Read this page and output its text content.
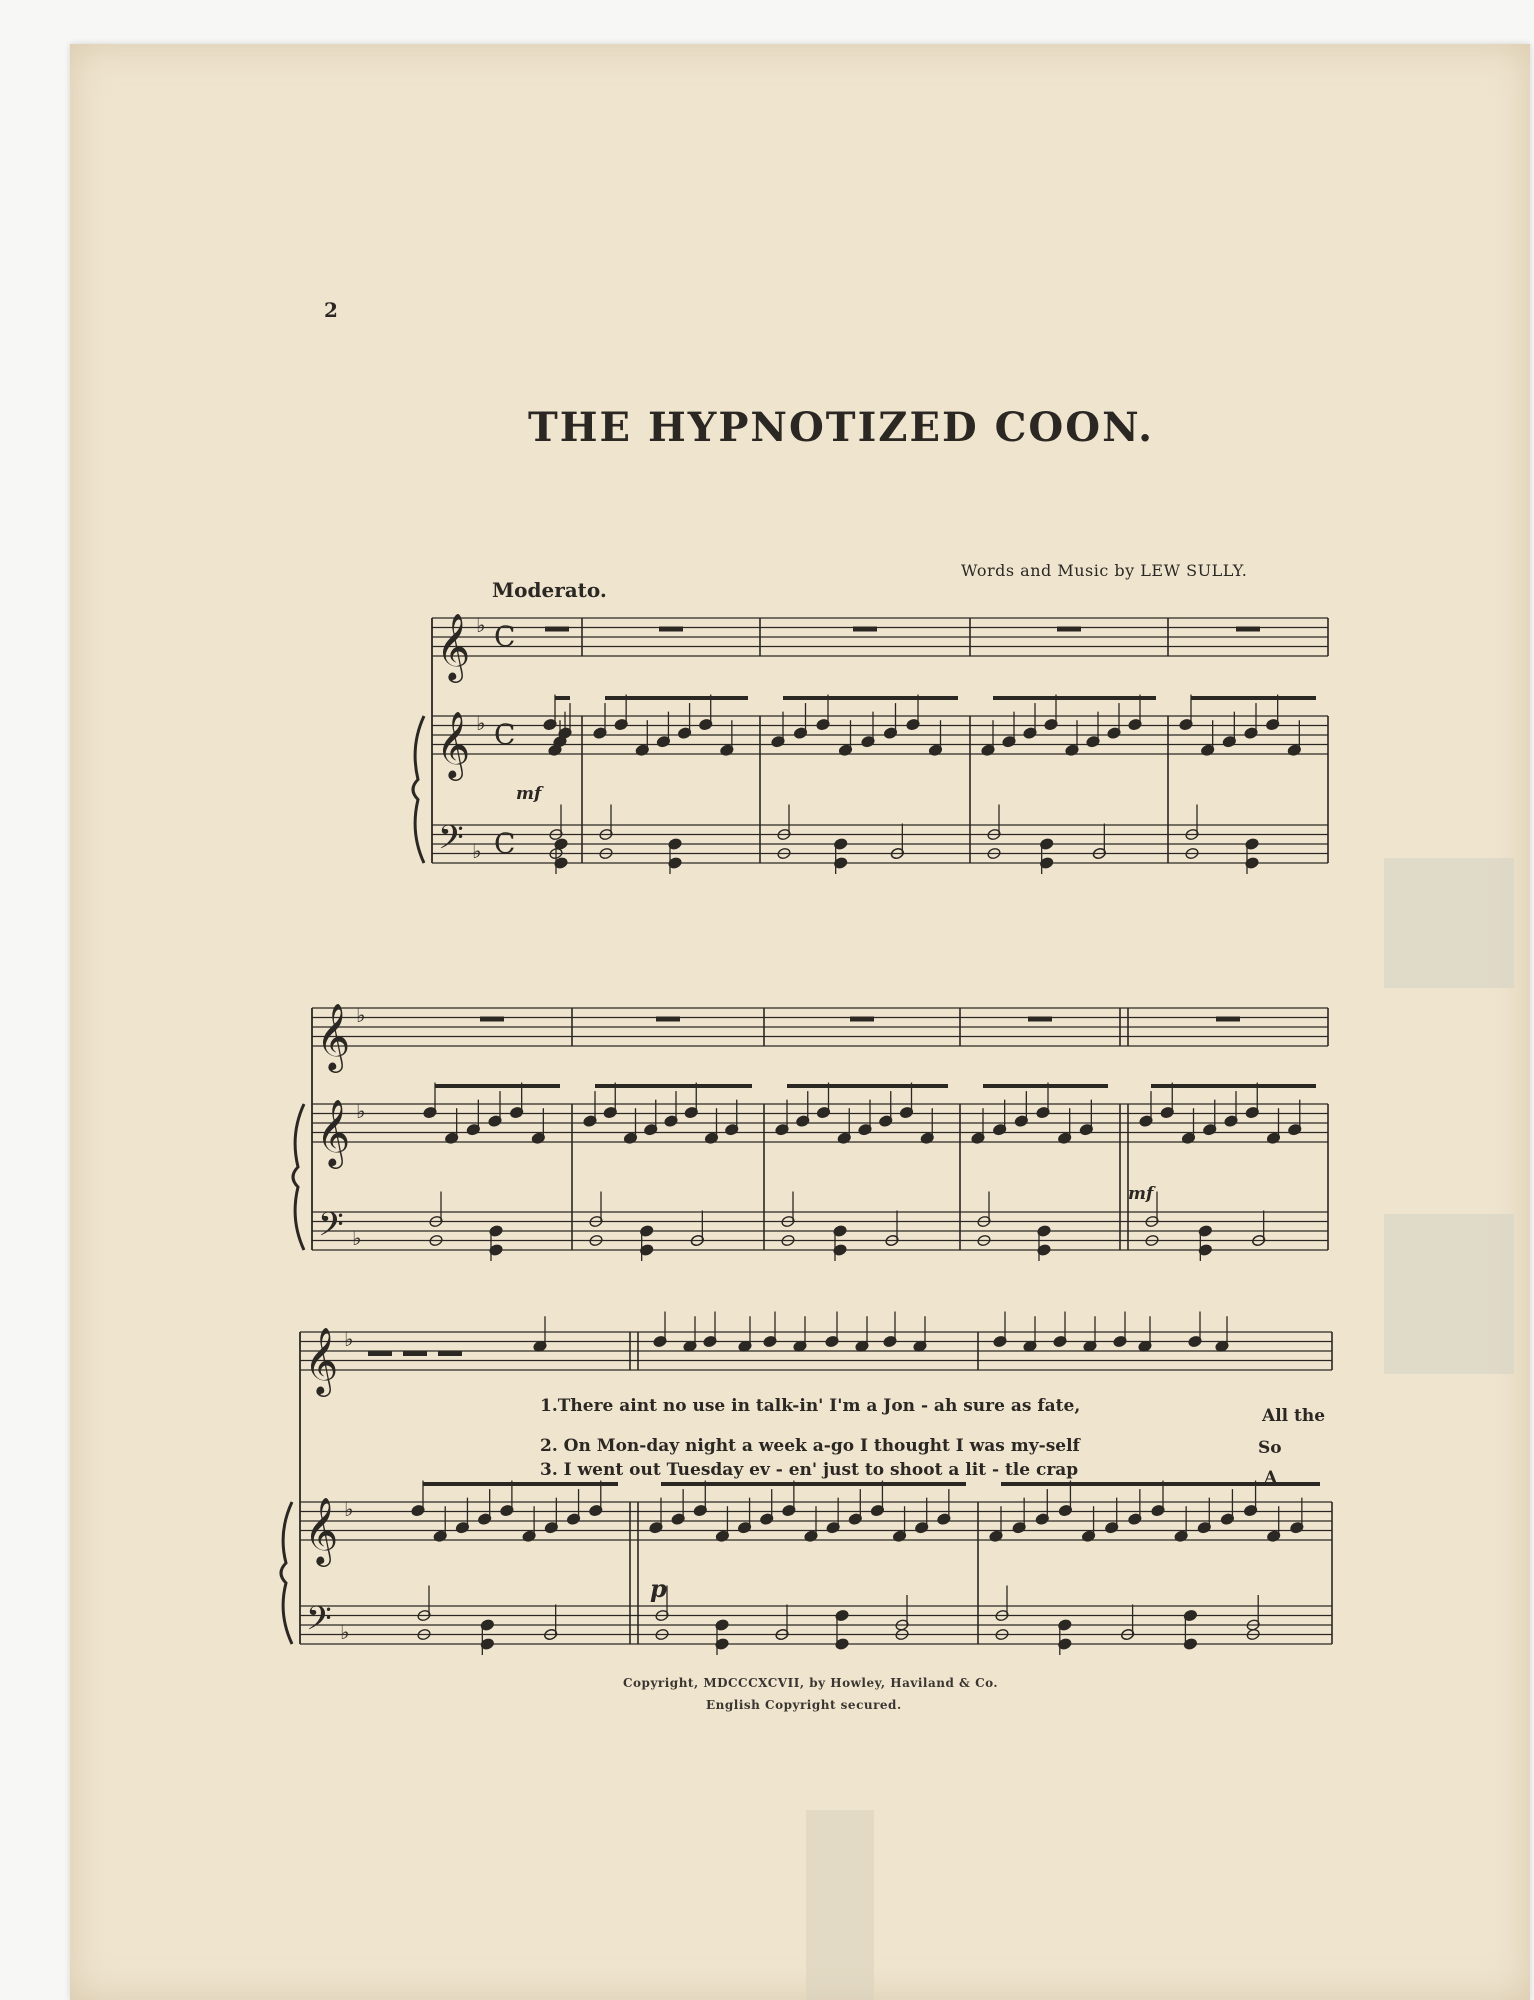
2
THE HYPNOTIZED COON.
Words and Music by LEW SULLY.
Moderato.
mf
mf
p
1.There aint no use in talk-in' I'm a Jon - ah sure as fate,	All the
2. On Mon-day night a week a-go I thought I was my-self	So
3. I went out Tuesday ev - en' just to shoot a lit - tle crap	A
Copyright, MDCCCXCVII, by Howley, Haviland & Co.
English Copyright secured.
𝄞
𝄞
𝄢
♭
♭
♭
C
C
C
𝄞
𝄞
𝄢
♭
♭
♭
𝄞
𝄞
𝄢
♭
♭
♭
